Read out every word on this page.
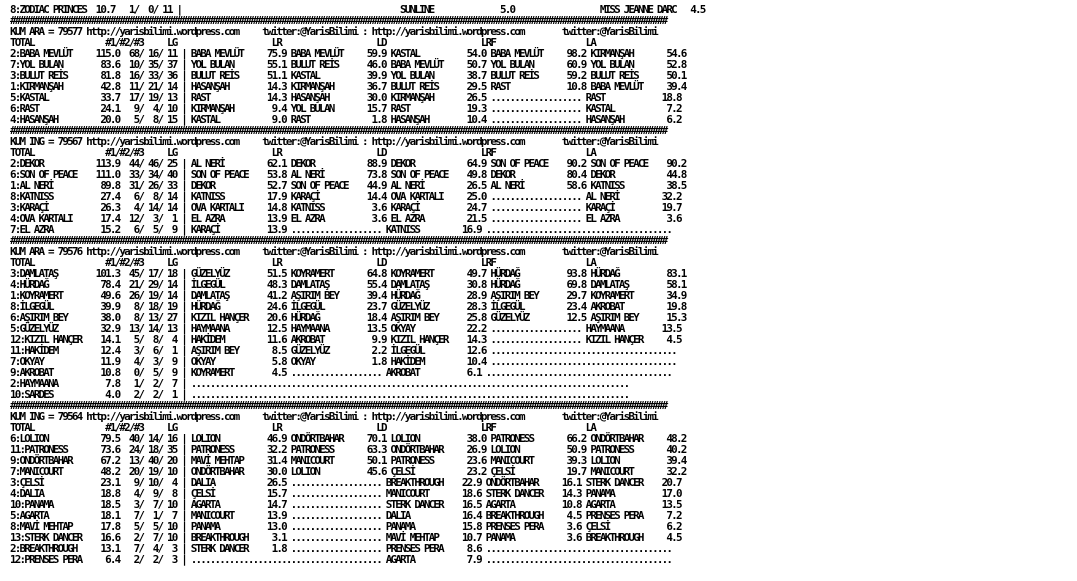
8:ZODIAC PRINCES  10.7   1/  0/ 11 |                                              SUNLINE              5.0                  MISS JEANNE DARC   4.5
##########################################################################################################################################
KUM ARA = 79577 http://yarisbilimi.wordpress.com     twitter:@YarisBilimi : http://yarisbilimi.wordpress.com        twitter:@YarisBilimi
TOTAL               #1/#2/#3     LG                    LR                    LD                    LRF                   LA
2:BABA MEVLÜT     115.0  68/ 16/ 11 | BABA MEVLÜT     75.9 BABA MEVLÜT     59.9 KASTAL          54.0 BABA MEVLÜT     98.2 KIRMANŞAH       54.6
7:YOL BULAN        83.6  10/ 35/ 37 | YOL BULAN       55.1 BULUT REİS      46.0 BABA MEVLÜT     50.7 YOL BULAN       60.9 YOL BULAN       52.8
3:BULUT REİS       81.8  16/ 33/ 36 | BULUT REİS      51.1 KASTAL          39.9 YOL BULAN       38.7 BULUT REİS      59.2 BULUT REİS      50.1
1:KIRMANŞAH        42.8  11/ 21/ 14 | HASANŞAH        14.3 KIRMANŞAH       36.7 BULUT REİS      29.5 RAST            10.8 BABA MEVLÜT     39.4
5:KASTAL           33.7  17/ 19/ 13 | RAST            14.3 HASANŞAH        30.0 KIRMANŞAH       26.5 ................... RAST            18.8
6:RAST             24.1   9/  4/ 10 | KIRMANŞAH        9.4 YOL BULAN       15.7 RAST            19.3 ................... KASTAL           7.2
4:HASANŞAH         20.0   5/  8/ 15 | KASTAL           9.0 RAST             1.8 HASANŞAH        10.4 ................... HASANŞAH         6.2
##########################################################################################################################################
KUM ING = 79567 http://yarisbilimi.wordpress.com     twitter:@YarisBilimi : http://yarisbilimi.wordpress.com        twitter:@YarisBilimi
TOTAL               #1/#2/#3     LG                    LR                    LD                    LRF                   LA
2:DEKOR           113.9  44/ 46/ 25 | AL NERİ         62.1 DEKOR           88.9 DEKOR           64.9 SON OF PEACE    90.2 SON OF PEACE    90.2
6:SON OF PEACE    111.0  33/ 34/ 40 | SON OF PEACE    53.8 AL NERİ         73.8 SON OF PEACE    49.8 DEKOR           80.4 DEKOR           44.8
1:AL NERİ          89.8  31/ 26/ 33 | DEKOR           52.7 SON OF PEACE    44.9 AL NERİ         26.5 AL NERİ         58.6 KATNISS         38.5
8:KATNISS          27.4   6/  8/ 14 | KATNISS         17.9 KARAÇİ          14.4 OVA KARTALI     25.0 ................... AL NERİ         32.2
3:KARAÇİ           26.3   4/ 14/ 14 | OVA KARTALI     14.8 KATNISS          3.6 KARAÇİ          24.7 ................... KARAÇİ          19.7
4:OVA KARTALI      17.4  12/  3/  1 | EL AZRA         13.9 EL AZRA          3.6 EL AZRA         21.5 ................... EL AZRA          3.6
7:EL AZRA          15.2   6/  5/  9 | KARAÇİ          13.9 ................... KATNISS         16.9 .......................................
##########################################################################################################################################
KUM ARA = 79576 http://yarisbilimi.wordpress.com     twitter:@YarisBilimi : http://yarisbilimi.wordpress.com        twitter:@YarisBilimi
TOTAL               #1/#2/#3     LG                    LR                    LD                    LRF                   LA
3:DAMLATAŞ        101.3  45/ 17/ 18 | GÜZELYÜZ        51.5 KOYRAMERT       64.8 KOYRAMERT       49.7 HÜRDAĞ          93.8 HÜRDAĞ          83.1
4:HÜRDAĞ           78.4  21/ 29/ 14 | İLGEGÜL         48.3 DAMLATAŞ        55.4 DAMLATAŞ        30.8 HÜRDAĞ          69.8 DAMLATAŞ        58.1
1:KOYRAMERT        49.6  26/ 19/ 14 | DAMLATAŞ        41.2 AŞIRIM BEY      39.4 HÜRDAĞ          28.9 AŞIRIM BEY      29.7 KOYRAMERT       34.9
8:İLGEGÜL          39.9   8/ 18/ 19 | HÜRDAĞ          24.6 İLGEGÜL         23.7 GÜZELYÜZ        28.3 İLGEGÜL         23.4 AKROBAT         19.8
6:AŞIRIM BEY       38.0   8/ 13/ 27 | KIZIL HANÇER    20.6 HÜRDAĞ          18.4 AŞIRIM BEY      25.8 GÜZELYÜZ        12.5 AŞIRIM BEY      15.3
5:GÜZELYÜZ         32.9  13/ 14/ 13 | HAYMAANA        12.5 HAYMAANA        13.5 OKYAY           22.2 ................... HAYMAANA        13.5
12:KIZIL HANÇER    14.1   5/  8/  4 | HAKİDEM         11.6 AKROBAT          9.9 KIZIL HANÇER    14.3 ................... KIZIL HANÇER     4.5
11:HAKİDEM         12.4   3/  6/  1 | AŞIRIM BEY       8.5 GÜZELYÜZ         2.2 İLGEGÜL         12.6 .......................................
7:OKYAY            11.9   4/  3/  9 | OKYAY            5.8 OKYAY            1.8 HAKİDEM         10.4 .......................................
9:AKROBAT          10.8   0/  5/  9 | KOYRAMERT        4.5 ................... AKROBAT          6.1 .......................................
2:HAYMAANA          7.8   1/  2/  7 | ............................................................................................
10:SARDES           4.0   2/  2/  1 | ............................................................................................
##########################################################################################################################################
KUM ING = 79564 http://yarisbilimi.wordpress.com     twitter:@YarisBilimi : http://yarisbilimi.wordpress.com        twitter:@YarisBilimi
TOTAL               #1/#2/#3     LG                    LR                    LD                    LRF                   LA
6:LOLION           79.5  40/ 14/ 16 | LOLION          46.9 ONDÖRTBAHAR     70.1 LOLION          38.0 PATRONESS       66.2 ONDÖRTBAHAR     48.2
11:PATRONESS       73.6  24/ 18/ 35 | PATRONESS       32.2 PATRONESS       63.3 ONDÖRTBAHAR     26.9 LOLION          50.9 PATRONESS       40.2
9:ONDÖRTBAHAR      67.2  13/ 40/ 20 | MAVİ MEHTAP     31.4 MANICOURT       50.1 PATRONESS       23.6 MANICOURT       39.3 LOLION          39.4
7:MANICOURT        48.2  20/ 19/ 10 | ONDÖRTBAHAR     30.0 LOLION          45.6 ÇELSİ           23.2 ÇELSİ           19.7 MANICOURT       32.2
3:ÇELSİ            23.1   9/ 10/  4 | DALIA           26.5 ................... BREAKTHROUGH    22.9 ONDÖRTBAHAR     16.1 STERK DANCER    20.7
4:DALIA            18.8   4/  9/  8 | ÇELSİ           15.7 ................... MANICOURT       18.6 STERK DANCER    14.3 PANAMA          17.0
10:PANAMA          18.5   3/  7/ 10 | AGARTA          14.7 ................... STERK DANCER    16.5 AGARTA          10.8 AGARTA          13.5
5:AGARTA           18.1   7/  1/  7 | MANICOURT       13.9 ................... DALIA           16.4 BREAKTHROUGH     4.5 PRENSES PERA     7.2
8:MAVİ MEHTAP      17.8   5/  5/ 10 | PANAMA          13.0 ................... PANAMA          15.8 PRENSES PERA     3.6 ÇELSİ            6.2
13:STERK DANCER    16.6   2/  7/ 10 | BREAKTHROUGH     3.1 ................... MAVİ MEHTAP     10.7 PANAMA           3.6 BREAKTHROUGH     4.5
2:BREAKTHROUGH     13.1   7/  4/  3 | STERK DANCER     1.8 ................... PRENSES PERA     8.6 .......................................
12:PRENSES PERA     6.4   2/  2/  3 | ........................................ AGARTA           7.9 .......................................
